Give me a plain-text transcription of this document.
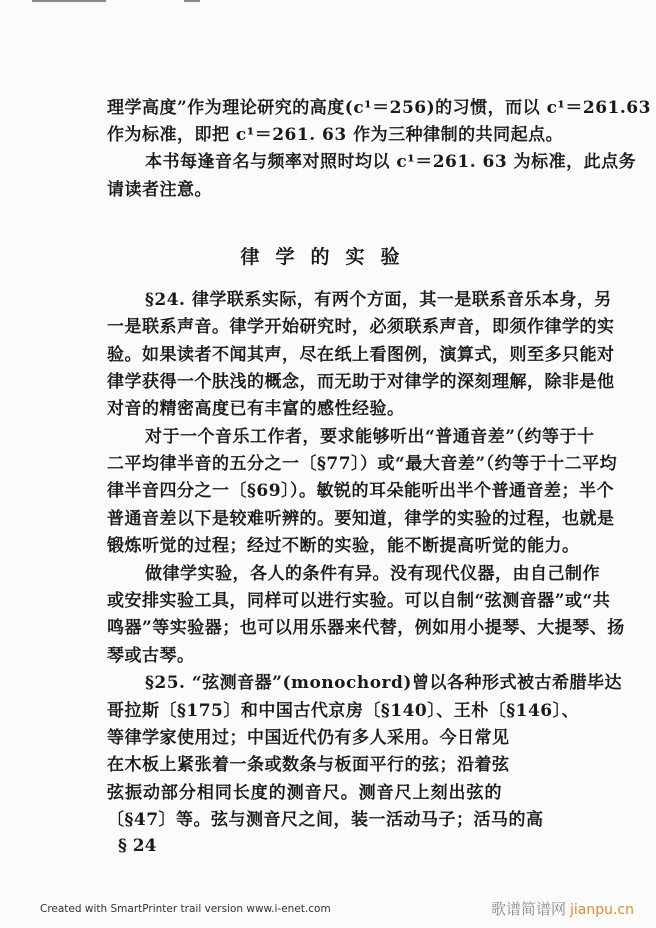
理学高度”作为理论研究的高度(c¹＝256)的习惯，而以 c¹＝261.63
作为标准，即把 c¹＝261. 63 作为三种律制的共同起点。
本书每逢音名与频率对照时均以 c¹＝261. 63 为标准，此点务
请读者注意。
律学的实验
§24. 律学联系实际，有两个方面，其一是联系音乐本身，另
一是联系声音。律学开始研究时，必须联系声音，即须作律学的实
验。如果读者不闻其声，尽在纸上看图例，演算式，则至多只能对
律学获得一个肤浅的概念，而无助于对律学的深刻理解，除非是他
对音的精密高度已有丰富的感性经验。
对于一个音乐工作者，要求能够听出“普通音差”（约等于十
二平均律半音的五分之一〔§77〕）或“最大音差”（约等于十二平均
律半音四分之一〔§69〕）。敏锐的耳朵能听出半个普通音差；半个
普通音差以下是较难听辨的。要知道，律学的实验的过程，也就是
锻炼听觉的过程；经过不断的实验，能不断提高听觉的能力。
做律学实验，各人的条件有异。没有现代仪器，由自己制作
或安排实验工具，同样可以进行实验。可以自制“弦测音器”或“共
鸣器”等实验器；也可以用乐器来代替，例如用小提琴、大提琴、扬
琴或古琴。
§25. “弦测音器”(monochord)曾以各种形式被古希腊毕达
哥拉斯〔§175〕和中国古代京房〔§140〕、王朴〔§146〕、
等律学家使用过；中国近代仍有多人采用。今日常见
在木板上紧张着一条或数条与板面平行的弦；沿着弦
弦振动部分相同长度的测音尺。测音尺上刻出弦的
〔§47〕等。弦与测音尺之间，装一活动马子；活马的高
§ 24
Created with SmartPrinter trail version www.i-enet.com	歌谱简谱网 jianpu.cn
